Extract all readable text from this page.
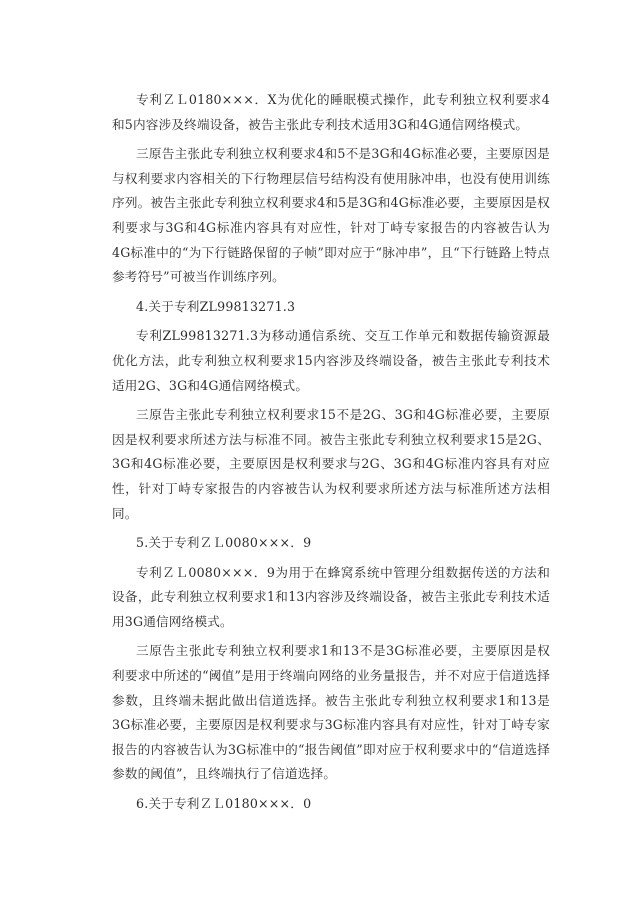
专利ＺＬ0180×××．X为优化的睡眠模式操作，此专利独立权利要求4和5内容涉及终端设备，被告主张此专利技术适用3G和4G通信网络模式。

三原告主张此专利独立权利要求4和5不是3G和4G标准必要，主要原因是与权利要求内容相关的下行物理层信号结构没有使用脉冲串，也没有使用训练序列。被告主张此专利独立权利要求4和5是3G和4G标准必要，主要原因是权利要求与3G和4G标准内容具有对应性，针对丁峙专家报告的内容被告认为4G标准中的“为下行链路保留的子帧”即对应于“脉冲串”，且“下行链路上特点参考符号”可被当作训练序列。

4.关于专利ZL99813271.3

专利ZL99813271.3为移动通信系统、交互工作单元和数据传输资源最优化方法，此专利独立权利要求15内容涉及终端设备，被告主张此专利技术适用2G、3G和4G通信网络模式。

三原告主张此专利独立权利要求15不是2G、3G和4G标准必要，主要原因是权利要求所述方法与标准不同。被告主张此专利独立权利要求15是2G、3G和4G标准必要，主要原因是权利要求与2G、3G和4G标准内容具有对应性，针对丁峙专家报告的内容被告认为权利要求所述方法与标准所述方法相同。

5.关于专利ＺＬ0080×××．9

专利ＺＬ0080×××．9为用于在蜂窝系统中管理分组数据传送的方法和设备，此专利独立权利要求1和13内容涉及终端设备，被告主张此专利技术适用3G通信网络模式。

三原告主张此专利独立权利要求1和13不是3G标准必要，主要原因是权利要求中所述的“阈值”是用于终端向网络的业务量报告，并不对应于信道选择参数，且终端未据此做出信道选择。被告主张此专利独立权利要求1和13是3G标准必要，主要原因是权利要求与3G标准内容具有对应性，针对丁峙专家报告的内容被告认为3G标准中的“报告阈值”即对应于权利要求中的“信道选择参数的阈值”，且终端执行了信道选择。

6.关于专利ＺＬ0180×××．0
